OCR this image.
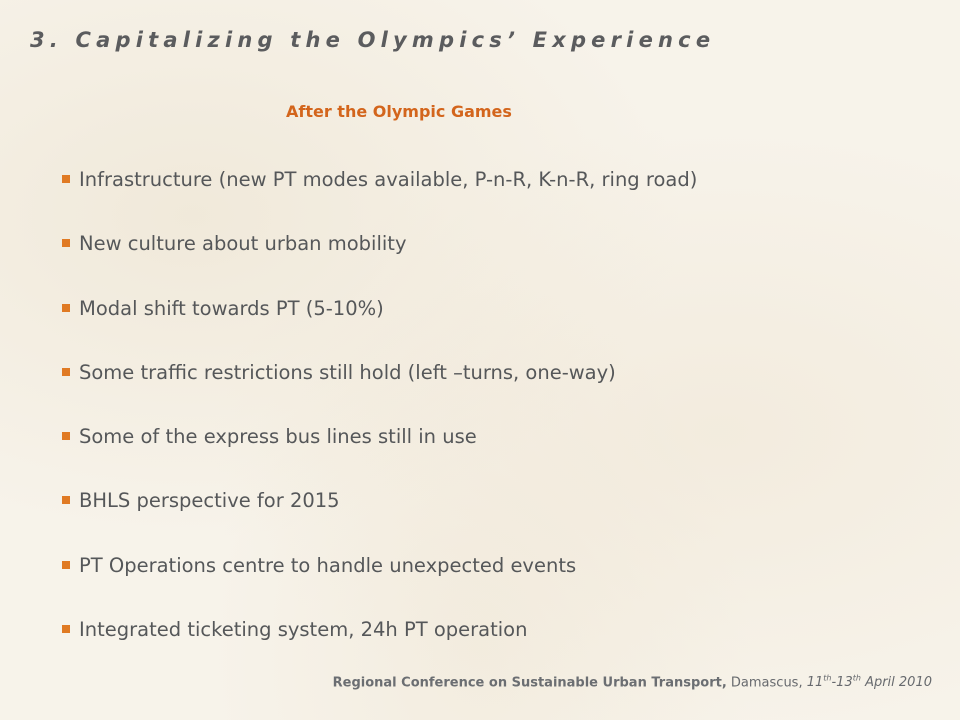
3. Capitalizing the Olympics’ Experience
After the Olympic Games
Infrastructure (new PT modes available, P-n-R, K-n-R, ring road)
New culture about urban mobility
Modal shift towards PT (5-10%)
Some traffic restrictions still hold (left –turns, one-way)
Some of the express bus lines still in use
BHLS perspective for 2015
PT Operations centre to handle unexpected events
Integrated ticketing system, 24h PT operation
Regional Conference on Sustainable Urban Transport, Damascus, 11th-13th April 2010
